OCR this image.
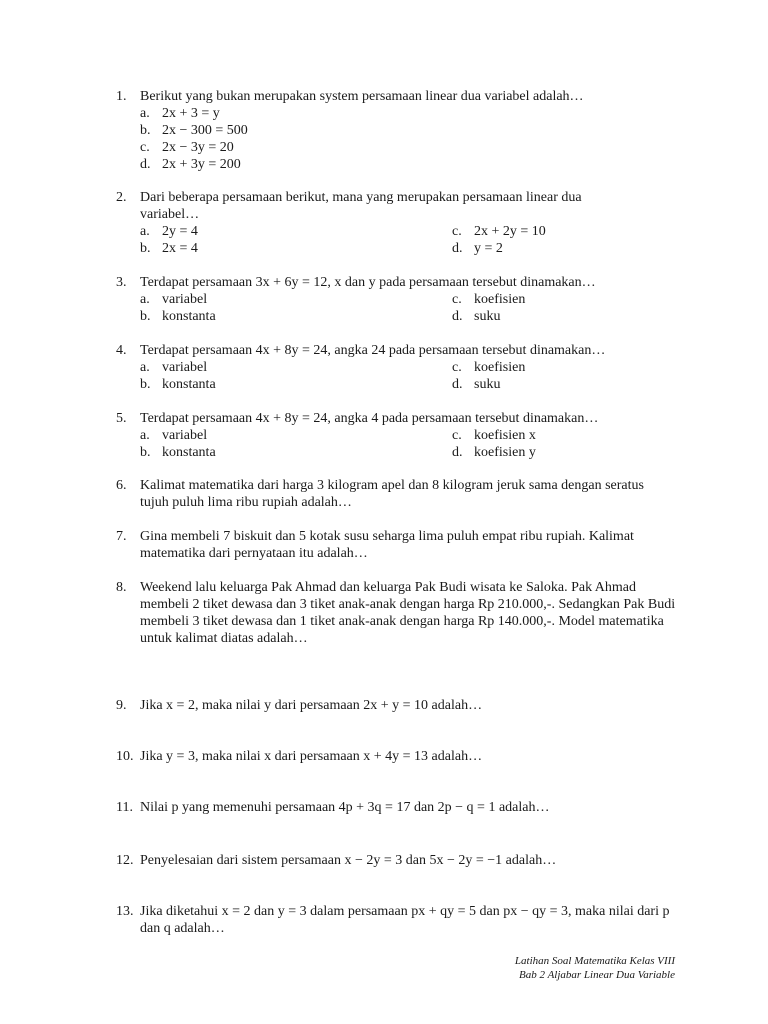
1. Berikut yang bukan merupakan system persamaan linear dua variabel adalah…
a. 2x + 3 = y
b. 2x − 300 = 500
c. 2x − 3y = 20
d. 2x + 3y = 200
2. Dari beberapa persamaan berikut, mana yang merupakan persamaan linear dua variabel…
a. 2y = 4
b. 2x = 4
c. 2x + 2y = 10
d. y = 2
3. Terdapat persamaan 3x + 6y = 12, x dan y pada persamaan tersebut dinamakan…
a. variabel
b. konstanta
c. koefisien
d. suku
4. Terdapat persamaan 4x + 8y = 24, angka 24 pada persamaan tersebut dinamakan…
a. variabel
b. konstanta
c. koefisien
d. suku
5. Terdapat persamaan 4x + 8y = 24, angka 4 pada persamaan tersebut dinamakan…
a. variabel
b. konstanta
c. koefisien x
d. koefisien y
6. Kalimat matematika dari harga 3 kilogram apel dan 8 kilogram jeruk sama dengan seratus tujuh puluh lima ribu rupiah adalah…
7. Gina membeli 7 biskuit dan 5 kotak susu seharga lima puluh empat ribu rupiah. Kalimat matematika dari pernyataan itu adalah…
8. Weekend lalu keluarga Pak Ahmad dan keluarga Pak Budi wisata ke Saloka. Pak Ahmad membeli 2 tiket dewasa dan 3 tiket anak-anak dengan harga Rp 210.000,-. Sedangkan Pak Budi membeli 3 tiket dewasa dan 1 tiket anak-anak dengan harga Rp 140.000,-. Model matematika untuk kalimat diatas adalah…
9. Jika x = 2, maka nilai y dari persamaan 2x + y = 10 adalah…
10. Jika y = 3, maka nilai x dari persamaan x + 4y = 13 adalah…
11. Nilai p yang memenuhi persamaan 4p + 3q = 17 dan 2p − q = 1 adalah…
12. Penyelesaian dari sistem persamaan x − 2y = 3 dan 5x − 2y = −1 adalah…
13. Jika diketahui x = 2 dan y = 3 dalam persamaan px + qy = 5 dan px − qy = 3, maka nilai dari p dan q adalah…
Latihan Soal Matematika Kelas VIII
Bab 2 Aljabar Linear Dua Variable
